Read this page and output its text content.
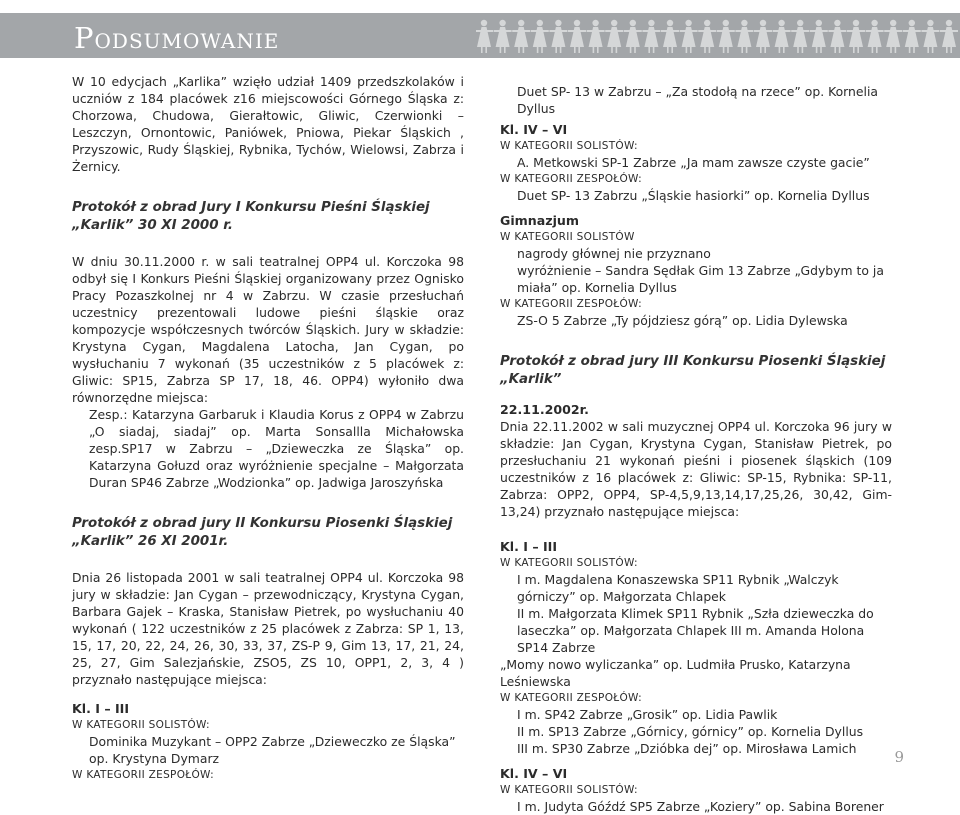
Podsumowanie

W 10 edycjach „Karlika” wzięło udział 1409 przedszkolaków i uczniów z 184 placówek z16 miejscowości Górnego Śląska z: Chorzowa, Chudowa, Gierałtowic, Gliwic, Czerwionki –Leszczyn, Ornontowic, Paniówek, Pniowa, Piekar Śląskich , Przyszowic, Rudy Śląskiej, Rybnika, Tychów, Wielowsi, Zabrza i Żernicy.

Protokół z obrad Jury I Konkursu Pieśni Śląskiej „Karlik” 30 XI 2000 r.

W dniu 30.11.2000 r. w sali teatralnej OPP4 ul. Korczoka 98 odbył się I Konkurs Pieśni Śląskiej organizowany przez Ognisko Pracy Pozaszkolnej nr 4 w Zabrzu. W czasie przesłuchań uczestnicy prezentowali ludowe pieśni śląskie oraz kompozycje współczesnych twórców Śląskich. Jury w składzie: Krystyna Cygan, Magdalena Latocha, Jan Cygan, po wysłuchaniu 7 wykonań (35 uczestników z 5 placówek z: Gliwic: SP15, Zabrza SP 17, 18, 46. OPP4) wyłoniło dwa równorzędne miejsca:

Zesp.: Katarzyna Garbaruk i Klaudia Korus z OPP4 w Zabrzu „O siadaj, siadaj” op. Marta Sonsallla Michałowska zesp.SP17 w Zabrzu – „Dzieweczka ze Śląska” op. Katarzyna Gołuzd oraz wyróżnienie specjalne – Małgorzata Duran SP46 Zabrze „Wodzionka” op. Jadwiga Jaroszyńska

Protokół z obrad jury II Konkursu Piosenki Śląskiej „Karlik” 26 XI 2001r.

Dnia 26 listopada 2001 w sali teatralnej OPP4 ul. Korczoka 98 jury w składzie: Jan Cygan – przewodniczący, Krystyna Cygan, Barbara Gajek – Kraska, Stanisław Pietrek, po wysłuchaniu 40 wykonań ( 122 uczestników z 25 placówek z Zabrza: SP 1, 13, 15, 17, 20, 22, 24, 26, 30, 33, 37, ZS-P 9, Gim 13, 17, 21, 24, 25, 27, Gim Salezjańskie, ZSO5, ZS 10, OPP1, 2, 3, 4 ) przyznało następujące miejsca:

Kl. I – III

W KATEGORII SOLISTÓW:

Dominika Muzykant – OPP2 Zabrze „Dzieweczko ze Śląska” op. Krystyna Dymarz

W KATEGORII ZESPOŁÓW:

Duet SP- 13 w Zabrzu – „Za stodołą na rzece” op. Kornelia Dyllus

Kl. IV – VI

W KATEGORII SOLISTÓW:

A. Metkowski SP-1 Zabrze „Ja mam zawsze czyste gacie”

W KATEGORII ZESPOŁÓW:

Duet SP- 13 Zabrzu „Śląskie hasiorki” op. Kornelia Dyllus

Gimnazjum

W KATEGORII SOLISTÓW

nagrody głównej nie przyznano

wyróżnienie – Sandra Sędłak Gim 13 Zabrze „Gdybym to ja miała” op. Kornelia Dyllus

W KATEGORII ZESPOŁÓW:

ZS-O 5 Zabrze „Ty pójdziesz górą” op. Lidia Dylewska

Protokół z obrad jury III Konkursu Piosenki Śląskiej „Karlik”

22.11.2002r.

Dnia 22.11.2002 w sali muzycznej OPP4 ul. Korczoka 96 jury w składzie: Jan Cygan, Krystyna Cygan, Stanisław Pietrek, po przesłuchaniu 21 wykonań pieśni i piosenek śląskich (109 uczestników z 16 placówek z: Gliwic: SP-15, Rybnika: SP-11, Zabrza: OPP2, OPP4, SP-4,5,9,13,14,17,25,26, 30,42, Gim-13,24) przyznało następujące miejsca:

Kl. I – III

W KATEGORII SOLISTÓW:

I m. Magdalena Konaszewska SP11 Rybnik „Walczyk górniczy” op. Małgorzata Chlapek

II m. Małgorzata Klimek SP11 Rybnik „Szła dzieweczka do laseczka” op. Małgorzata Chlapek III m. Amanda Holona SP14 Zabrze

„Momy nowo wyliczanka” op. Ludmiła Prusko, Katarzyna Leśniewska

W KATEGORII ZESPOŁÓW:

I m. SP42 Zabrze „Grosik” op. Lidia Pawlik

II m. SP13 Zabrze „Górnicy, górnicy” op. Kornelia Dyllus

III m. SP30 Zabrze „Dzióbka dej” op. Mirosława Lamich

Kl. IV – VI

W KATEGORII SOLISTÓW:

I m. Judyta Góźdź SP5 Zabrze „Koziery” op. Sabina Borener

9
